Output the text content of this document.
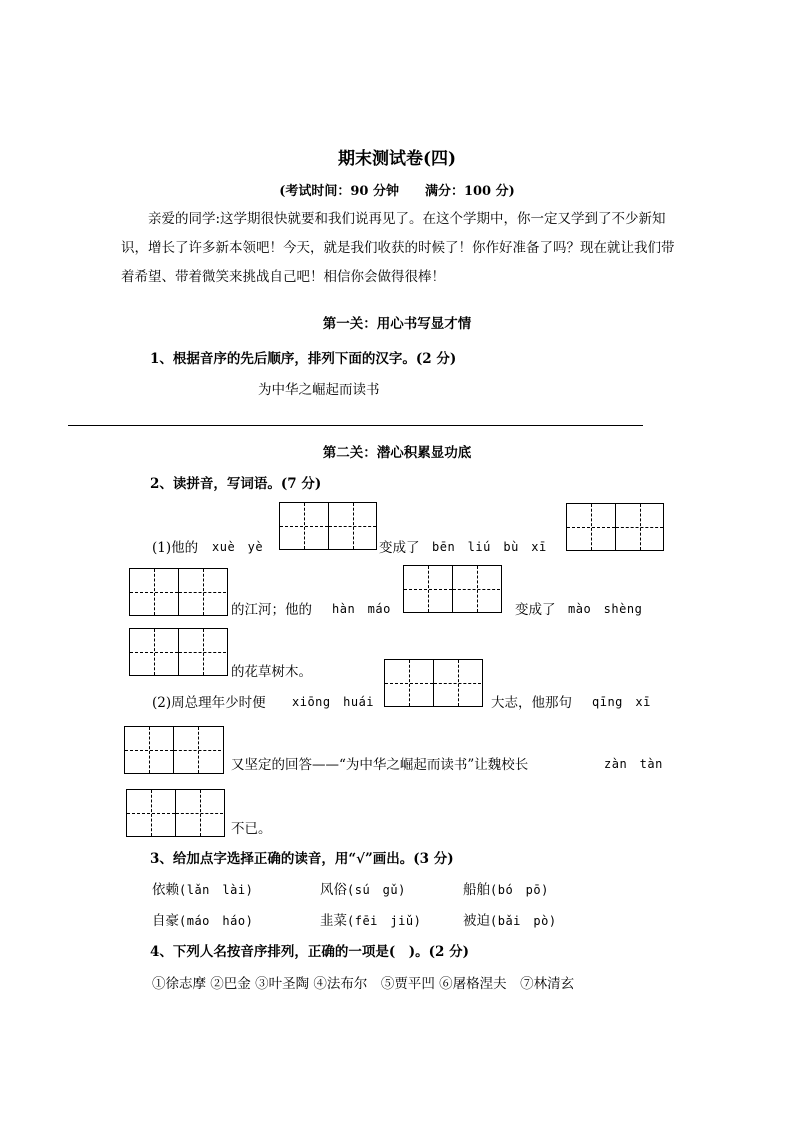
期末测试卷(四)
(考试时间：90 分钟　　满分：100 分)
亲爱的同学:这学期很快就要和我们说再见了。在这个学期中，你一定又学到了不少新知识，增长了许多新本领吧！今天，就是我们收获的时候了！你作好准备了吗？现在就让我们带着希望、带着微笑来挑战自己吧！相信你会做得很棒！
第一关：用心书写显才情
1、根据音序的先后顺序，排列下面的汉字。(2 分)
为中华之崛起而读书
第二关：潜心积累显功底
2、读拼音，写词语。(7 分)
(1)他的 xuè　yè	变成了 bēn　liú　bù　xī
的江河；他的 hàn　máo	变成了 mào　shèng
的花草树木。
(2)周总理年少时便 xiōng　huái	大志，他那句 qīng　xī
又坚定的回答——“为中华之崛起而读书”让魏校长	zàn　tàn
不已。
3、给加点字选择正确的读音，用“√”画出。(3 分)
依赖(lǎn　lài)	风俗(sú　gǔ)	船舶(bó　pō)
自豪(máo　háo)	韭菜(fēi　jiǔ)	被迫(bǎi　pò)
4、下列人名按音序排列，正确的一项是(　)。(2 分)
①徐志摩 ②巴金 ③叶圣陶 ④法布尔　⑤贾平凹 ⑥屠格涅夫　⑦林清玄
